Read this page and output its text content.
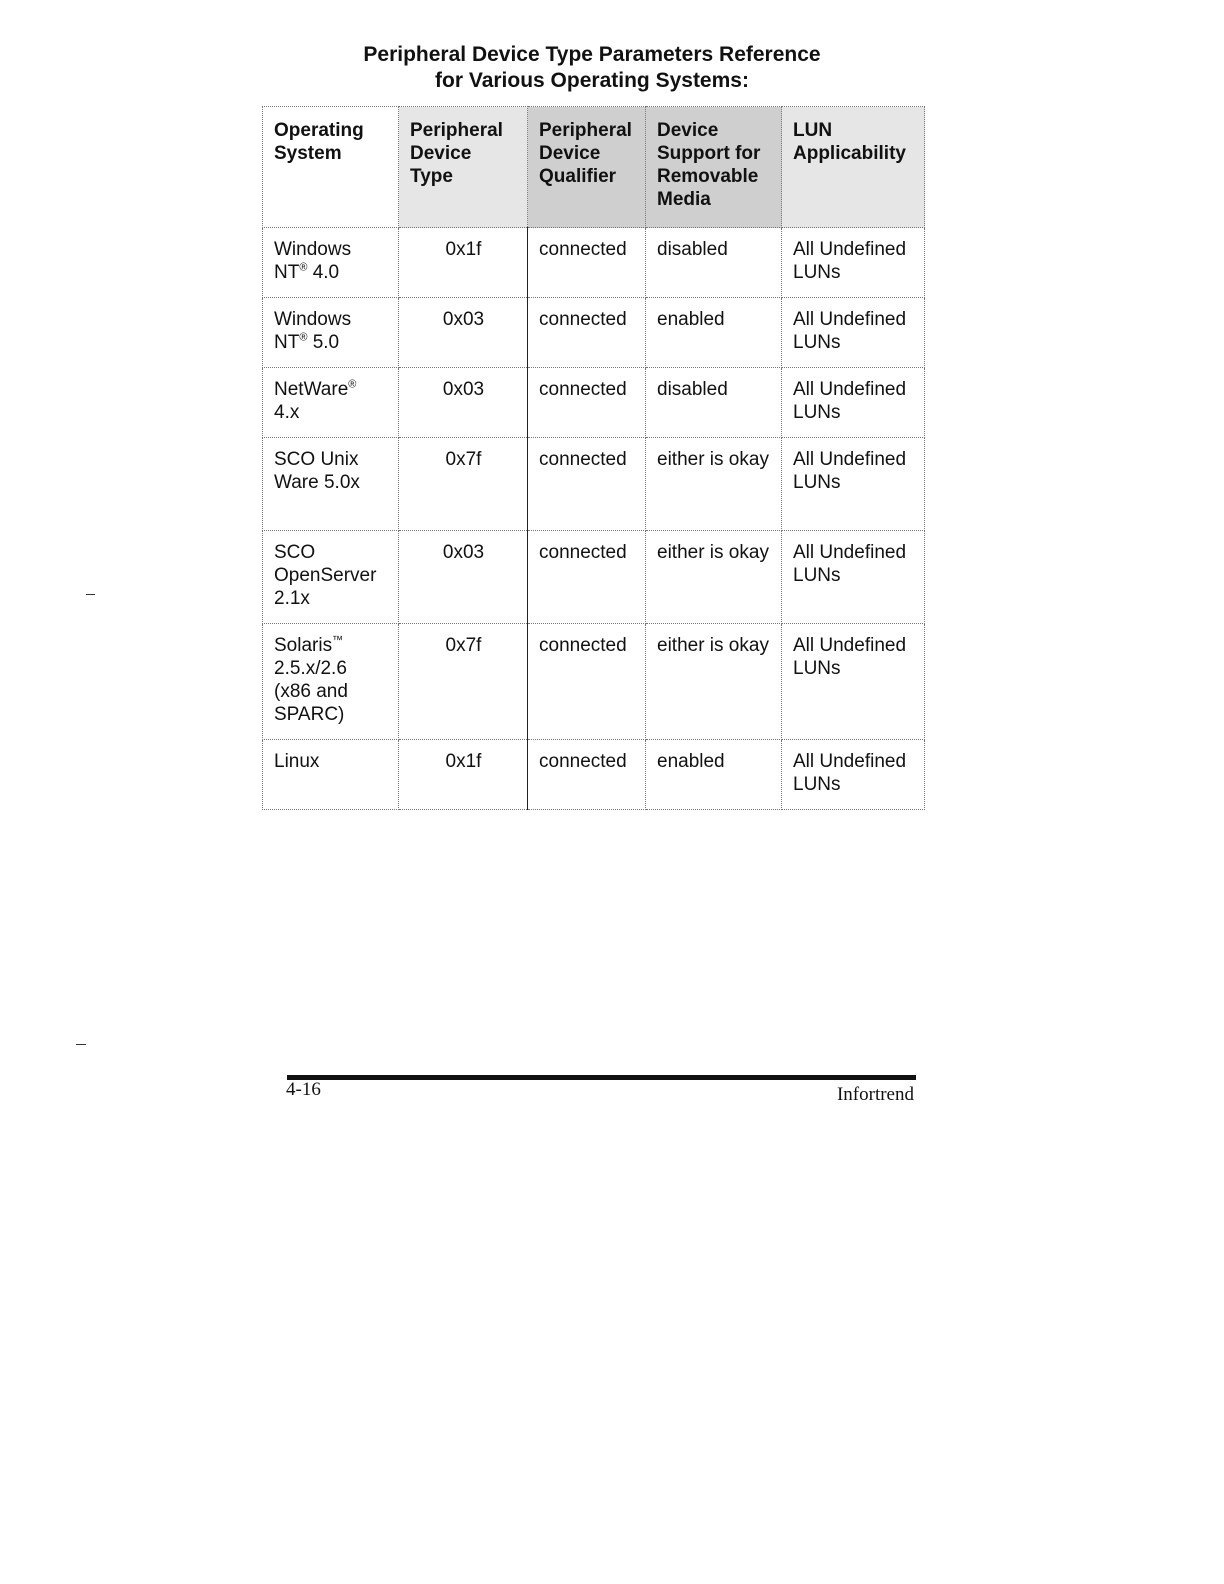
Peripheral Device Type Parameters Reference
for Various Operating Systems:
Operating System	Peripheral Device Type	Peripheral Device Qualifier	Device Support for Removable Media	LUN Applicability
Windows
NT® 4.0	0x1f	connected	disabled	All Undefined LUNs
Windows
NT® 5.0	0x03	connected	enabled	All Undefined LUNs
NetWare®
4.x	0x03	connected	disabled	All Undefined LUNs
SCO Unix Ware 5.0x	0x7f	connected	either is okay	All Undefined LUNs
SCO OpenServer 2.1x	0x03	connected	either is okay	All Undefined LUNs
Solaris™
2.5.x/2.6 (x86 and SPARC)	0x7f	connected	either is okay	All Undefined LUNs
Linux	0x1f	connected	enabled	All Undefined LUNs
4-16	Infortrend
